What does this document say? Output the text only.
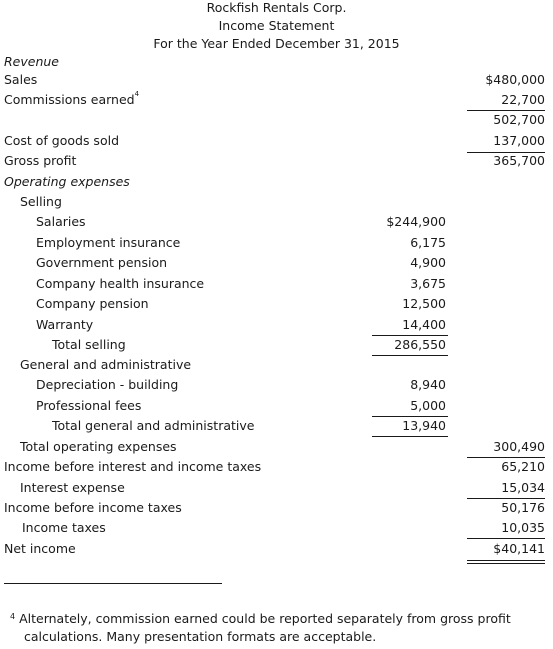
Rockfish Rentals Corp.
Income Statement
For the Year Ended December 31, 2015
Revenue
Sales	$480,000
Commissions earned$^4$	22,700
502,700
Cost of goods sold	137,000
Gross profit	365,700
Operating expenses
Selling
Salaries	$244,900
Employment insurance	6,175
Government pension	4,900
Company health insurance	3,675
Company pension	12,500
Warranty	14,400
Total selling	286,550
General and administrative
Depreciation - building	8,940
Professional fees	5,000
Total general and administrative	13,940
Total operating expenses	300,490
Income before interest and income taxes	65,210
Interest expense	15,034
Income before income taxes	50,176
Income taxes	10,035
Net income	$40,141
$^4$ Alternately, commission earned could be reported separately from gross profit
calculations. Many presentation formats are acceptable.
